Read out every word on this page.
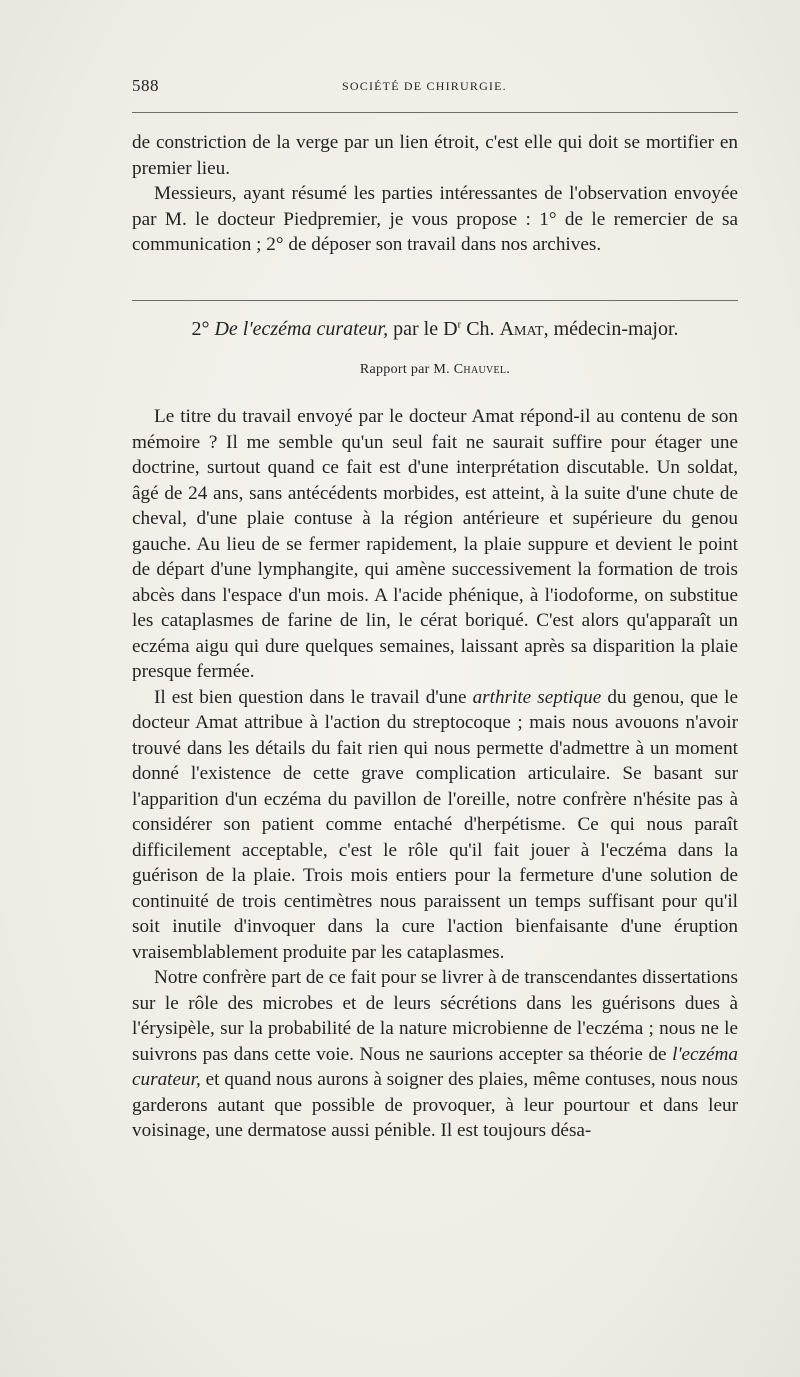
588	SOCIÉTÉ DE CHIRURGIE.

de constriction de la verge par un lien étroit, c'est elle qui doit se mortifier en premier lieu.

Messieurs, ayant résumé les parties intéressantes de l'observation envoyée par M. le docteur Piedpremier, je vous propose : 1° de le remercier de sa communication ; 2° de déposer son travail dans nos archives.

2° De l'eczéma curateur, par le $D^r$ Ch. Amat, médecin-major.
Rapport par M. Chauvel.

Le titre du travail envoyé par le docteur Amat répond-il au contenu de son mémoire ? Il me semble qu'un seul fait ne saurait suffire pour étager une doctrine, surtout quand ce fait est d'une interprétation discutable. Un soldat, âgé de 24 ans, sans antécédents morbides, est atteint, à la suite d'une chute de cheval, d'une plaie contuse à la région antérieure et supérieure du genou gauche. Au lieu de se fermer rapidement, la plaie suppure et devient le point de départ d'une lymphangite, qui amène successivement la formation de trois abcès dans l'espace d'un mois. A l'acide phénique, à l'iodoforme, on substitue les cataplasmes de farine de lin, le cérat boriqué. C'est alors qu'apparaît un eczéma aigu qui dure quelques semaines, laissant après sa disparition la plaie presque fermée.

Il est bien question dans le travail d'une arthrite septique du genou, que le docteur Amat attribue à l'action du streptocoque ; mais nous avouons n'avoir trouvé dans les détails du fait rien qui nous permette d'admettre à un moment donné l'existence de cette grave complication articulaire. Se basant sur l'apparition d'un eczéma du pavillon de l'oreille, notre confrère n'hésite pas à considérer son patient comme entaché d'herpétisme. Ce qui nous paraît difficilement acceptable, c'est le rôle qu'il fait jouer à l'eczéma dans la guérison de la plaie. Trois mois entiers pour la fermeture d'une solution de continuité de trois centimètres nous paraissent un temps suffisant pour qu'il soit inutile d'invoquer dans la cure l'action bienfaisante d'une éruption vraisemblablement produite par les cataplasmes.

Notre confrère part de ce fait pour se livrer à de transcendantes dissertations sur le rôle des microbes et de leurs sécrétions dans les guérisons dues à l'érysipèle, sur la probabilité de la nature microbienne de l'eczéma ; nous ne le suivrons pas dans cette voie. Nous ne saurions accepter sa théorie de l'eczéma curateur, et quand nous aurons à soigner des plaies, même contuses, nous nous garderons autant que possible de provoquer, à leur pourtour et dans leur voisinage, une dermatose aussi pénible. Il est toujours désa-
